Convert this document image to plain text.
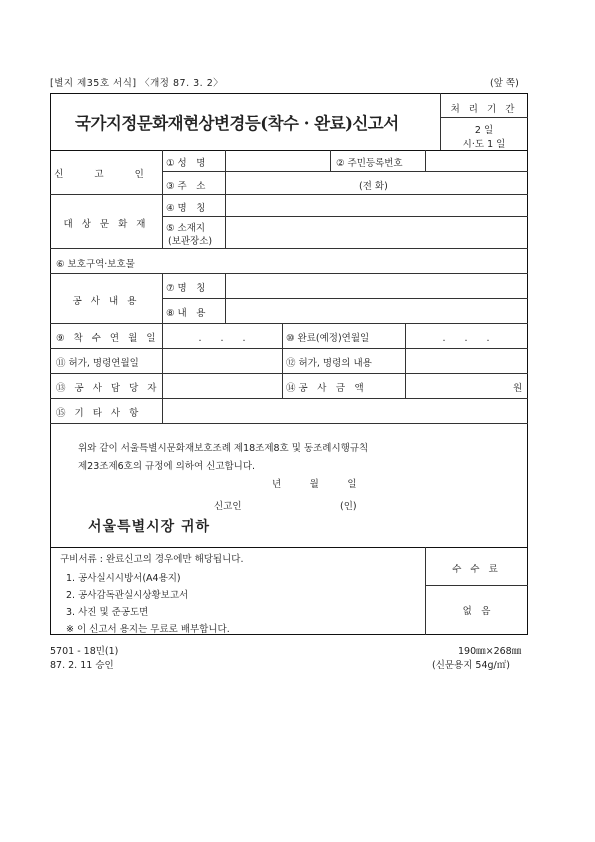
[별지 제35호 서식] 〈개정 87. 3. 2〉	(앞 쪽)
국가지정문화재현상변경등(착수 · 완료)신고서
처 리 기 간
2 일
시·도 1 일
신 고 인
① 성　명	② 주민등록번호
③ 주　소	(전 화)
대 상 문 화 재
④ 명　칭
⑤ 소재지
(보관장소)
⑥ 보호구역·보호물
공 사 내 용
⑦ 명　칭
⑧ 내　용
⑨ 착 수 연 월 일	.　　.　　.	⑩ 완료(예정)연월일	.　　.　　.
⑪ 허가, 명령연월일	⑫ 허가, 명령의 내용
⑬ 공 사 담 당 자	⑭ 공　사　금　액	원
⑮ 기 타 사 항
위와 같이 서울특별시문화재보호조례 제18조제8호 및 동조례시행규칙
제23조제6호의 규정에 의하여 신고합니다.
년　　　월　　　일
신고인	(인)
서울특별시장 귀하
구비서류 : 완료신고의 경우에만 해당됩니다.
1. 공사실시시방서(A4용지)
2. 공사감독관실시상황보고서
3. 사진 및 준공도면
※ 이 신고서 용지는 무료로 배부합니다.
수 수 료
없　음
5701 - 18민(1)
87. 2. 11 승인
190㎜×268㎜
(신문용지 54g/㎡)
